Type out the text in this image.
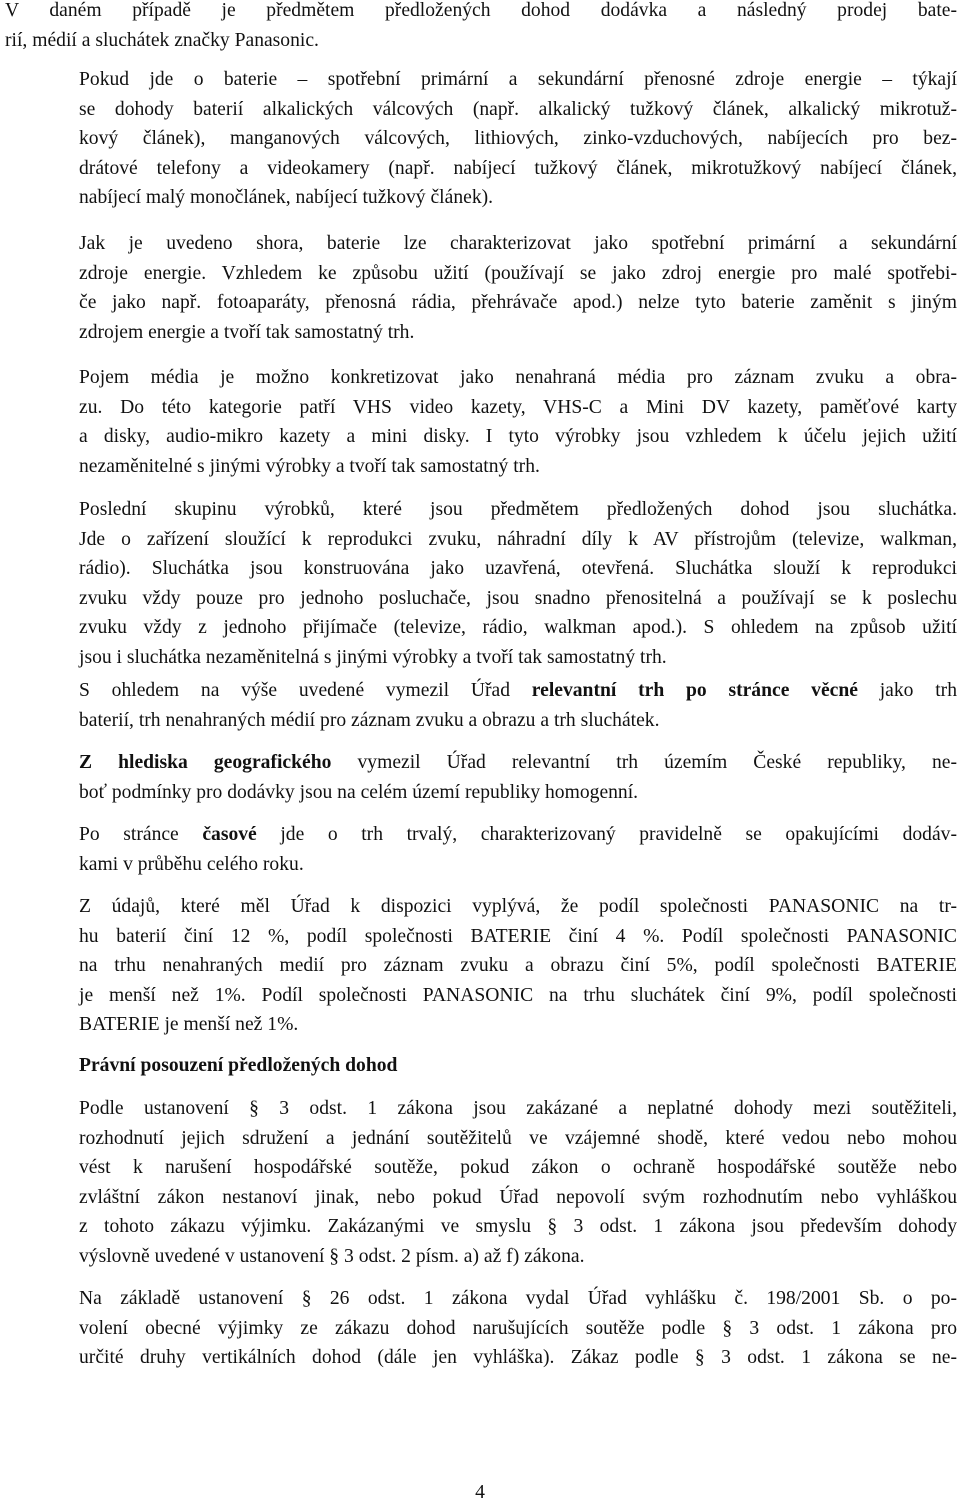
V daném případě je předmětem předložených dohod dodávka a následný prodej bate-
rií, médií a sluchátek značky Panasonic.

Pokud jde o baterie – spotřební primární a sekundární přenosné zdroje energie – týkají
se dohody baterií alkalických válcových (např. alkalický tužkový článek, alkalický mikrotuž-
kový článek), manganových válcových, lithiových, zinko-vzduchových, nabíjecích pro bez-
drátové telefony a videokamery (např. nabíjecí tužkový článek, mikrotužkový nabíjecí článek,
nabíjecí malý monočlánek, nabíjecí tužkový článek).

Jak je uvedeno shora, baterie lze charakterizovat jako spotřební primární a sekundární
zdroje energie. Vzhledem ke způsobu užití (používají se jako zdroj energie pro malé spotřebi-
če jako např. fotoaparáty, přenosná rádia, přehrávače apod.) nelze tyto baterie zaměnit s jiným
zdrojem energie a tvoří tak samostatný trh.

Pojem média je možno konkretizovat jako nenahraná média pro záznam zvuku a obra-
zu. Do této kategorie patří VHS video kazety, VHS-C a Mini DV kazety, paměťové karty
a disky, audio-mikro kazety a mini disky. I tyto výrobky jsou vzhledem k účelu jejich užití
nezaměnitelné s jinými výrobky a tvoří tak samostatný trh.

Poslední skupinu výrobků, které jsou předmětem předložených dohod jsou sluchátka.
Jde o zařízení sloužící k reprodukci zvuku, náhradní díly k AV přístrojům (televize, walkman,
rádio). Sluchátka jsou konstruována jako uzavřená, otevřená. Sluchátka slouží k reprodukci
zvuku vždy pouze pro jednoho posluchače, jsou snadno přenositelná a používají se k poslechu
zvuku vždy z jednoho přijímače (televize, rádio, walkman apod.). S ohledem na způsob užití
jsou i sluchátka nezaměnitelná s jinými výrobky a tvoří tak samostatný trh.

S ohledem na výše uvedené vymezil Úřad relevantní trh po stránce věcné jako trh
baterií, trh nenahraných médií pro záznam zvuku a obrazu a trh sluchátek.

Z hlediska geografického vymezil Úřad relevantní trh územím České republiky, ne-
boť podmínky pro dodávky jsou na celém území republiky homogenní.

Po stránce časové jde o trh trvalý, charakterizovaný pravidelně se opakujícími dodáv-
kami v průběhu celého roku.

Z údajů, které měl Úřad k dispozici vyplývá, že podíl společnosti PANASONIC na tr-
hu baterií činí 12 %, podíl společnosti BATERIE činí 4 %. Podíl společnosti PANASONIC
na trhu nenahraných medií pro záznam zvuku a obrazu činí 5%, podíl společnosti BATERIE
je menší než 1%. Podíl společnosti PANASONIC na trhu sluchátek činí 9%, podíl společnosti
BATERIE je menší než 1%.

Právní posouzení předložených dohod

Podle ustanovení § 3 odst. 1 zákona jsou zakázané a neplatné dohody mezi soutěžiteli,
rozhodnutí jejich sdružení a jednání soutěžitelů ve vzájemné shodě, které vedou nebo mohou
vést k narušení hospodářské soutěže, pokud zákon o ochraně hospodářské soutěže nebo
zvláštní zákon nestanoví jinak, nebo pokud Úřad nepovolí svým rozhodnutím nebo vyhláškou
z tohoto zákazu výjimku. Zakázanými ve smyslu § 3 odst. 1 zákona jsou především dohody
výslovně uvedené v ustanovení § 3 odst. 2 písm. a) až f) zákona.

Na základě ustanovení § 26 odst. 1 zákona vydal Úřad vyhlášku č. 198/2001 Sb. o po-
volení obecné výjimky ze zákazu dohod narušujících soutěže podle § 3 odst. 1 zákona pro
určité druhy vertikálních dohod (dále jen vyhláška). Zákaz podle § 3 odst. 1 zákona se ne-

4
